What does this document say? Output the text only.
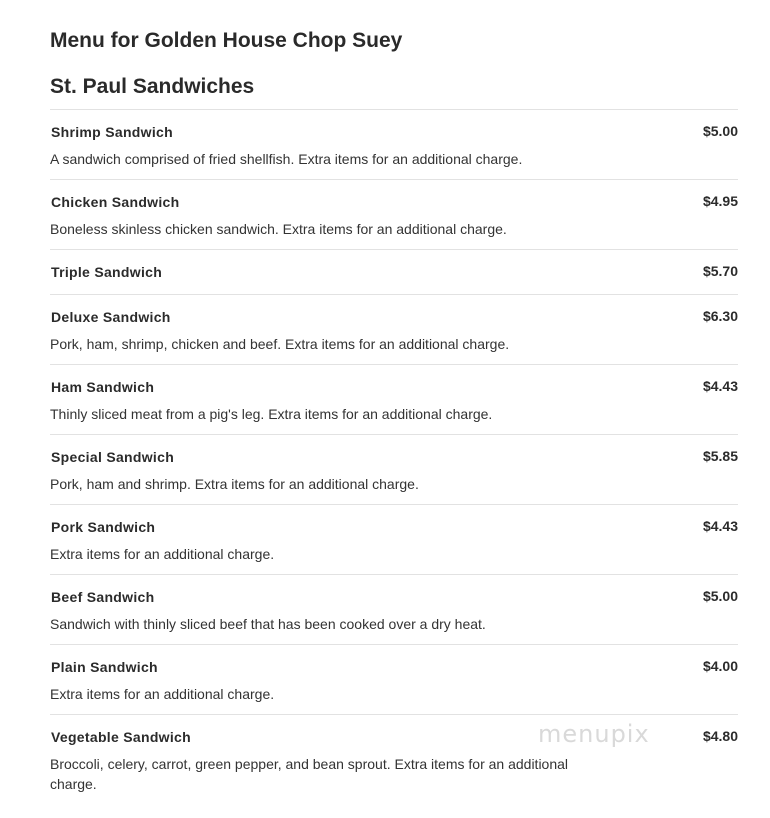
Menu for Golden House Chop Suey
St. Paul Sandwiches
Shrimp Sandwich	$5.00
A sandwich comprised of fried shellfish. Extra items for an additional charge.
Chicken Sandwich	$4.95
Boneless skinless chicken sandwich. Extra items for an additional charge.
Triple Sandwich	$5.70
Deluxe Sandwich	$6.30
Pork, ham, shrimp, chicken and beef. Extra items for an additional charge.
Ham Sandwich	$4.43
Thinly sliced meat from a pig's leg. Extra items for an additional charge.
Special Sandwich	$5.85
Pork, ham and shrimp. Extra items for an additional charge.
Pork Sandwich	$4.43
Extra items for an additional charge.
Beef Sandwich	$5.00
Sandwich with thinly sliced beef that has been cooked over a dry heat.
Plain Sandwich	$4.00
Extra items for an additional charge.
Vegetable Sandwich	$4.80
Broccoli, celery, carrot, green pepper, and bean sprout. Extra items for an additional charge.
menupix
